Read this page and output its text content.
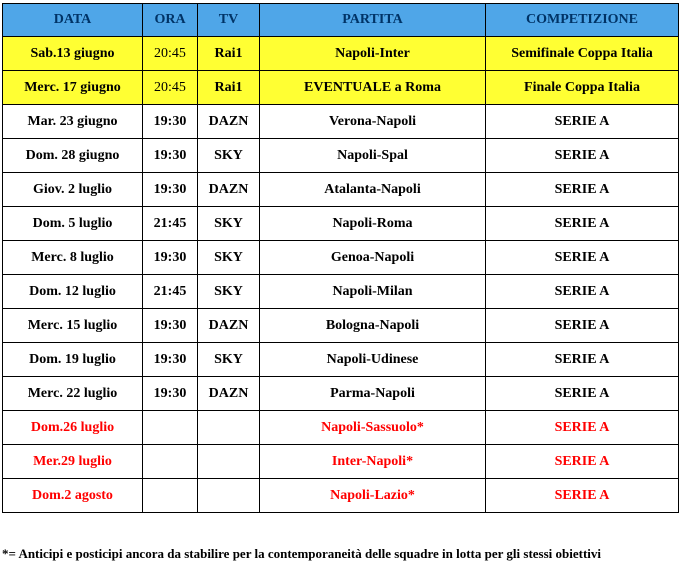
DATA	ORA	TV	PARTITA	COMPETIZIONE
Sab.13 giugno	20:45	Rai1	Napoli-Inter	Semifinale Coppa Italia
Merc. 17 giugno	20:45	Rai1	EVENTUALE a Roma	Finale Coppa Italia
Mar. 23 giugno	19:30	DAZN	Verona-Napoli	SERIE A
Dom. 28 giugno	19:30	SKY	Napoli-Spal	SERIE A
Giov. 2 luglio	19:30	DAZN	Atalanta-Napoli	SERIE A
Dom. 5 luglio	21:45	SKY	Napoli-Roma	SERIE A
Merc. 8 luglio	19:30	SKY	Genoa-Napoli	SERIE A
Dom. 12 luglio	21:45	SKY	Napoli-Milan	SERIE A
Merc. 15 luglio	19:30	DAZN	Bologna-Napoli	SERIE A
Dom. 19 luglio	19:30	SKY	Napoli-Udinese	SERIE A
Merc. 22 luglio	19:30	DAZN	Parma-Napoli	SERIE A
Dom.26 luglio			Napoli-Sassuolo*	SERIE A
Mer.29 luglio			Inter-Napoli*	SERIE A
Dom.2 agosto			Napoli-Lazio*	SERIE A
*= Anticipi e posticipi ancora da stabilire per la contemporaneità delle squadre in lotta per gli stessi obiettivi
